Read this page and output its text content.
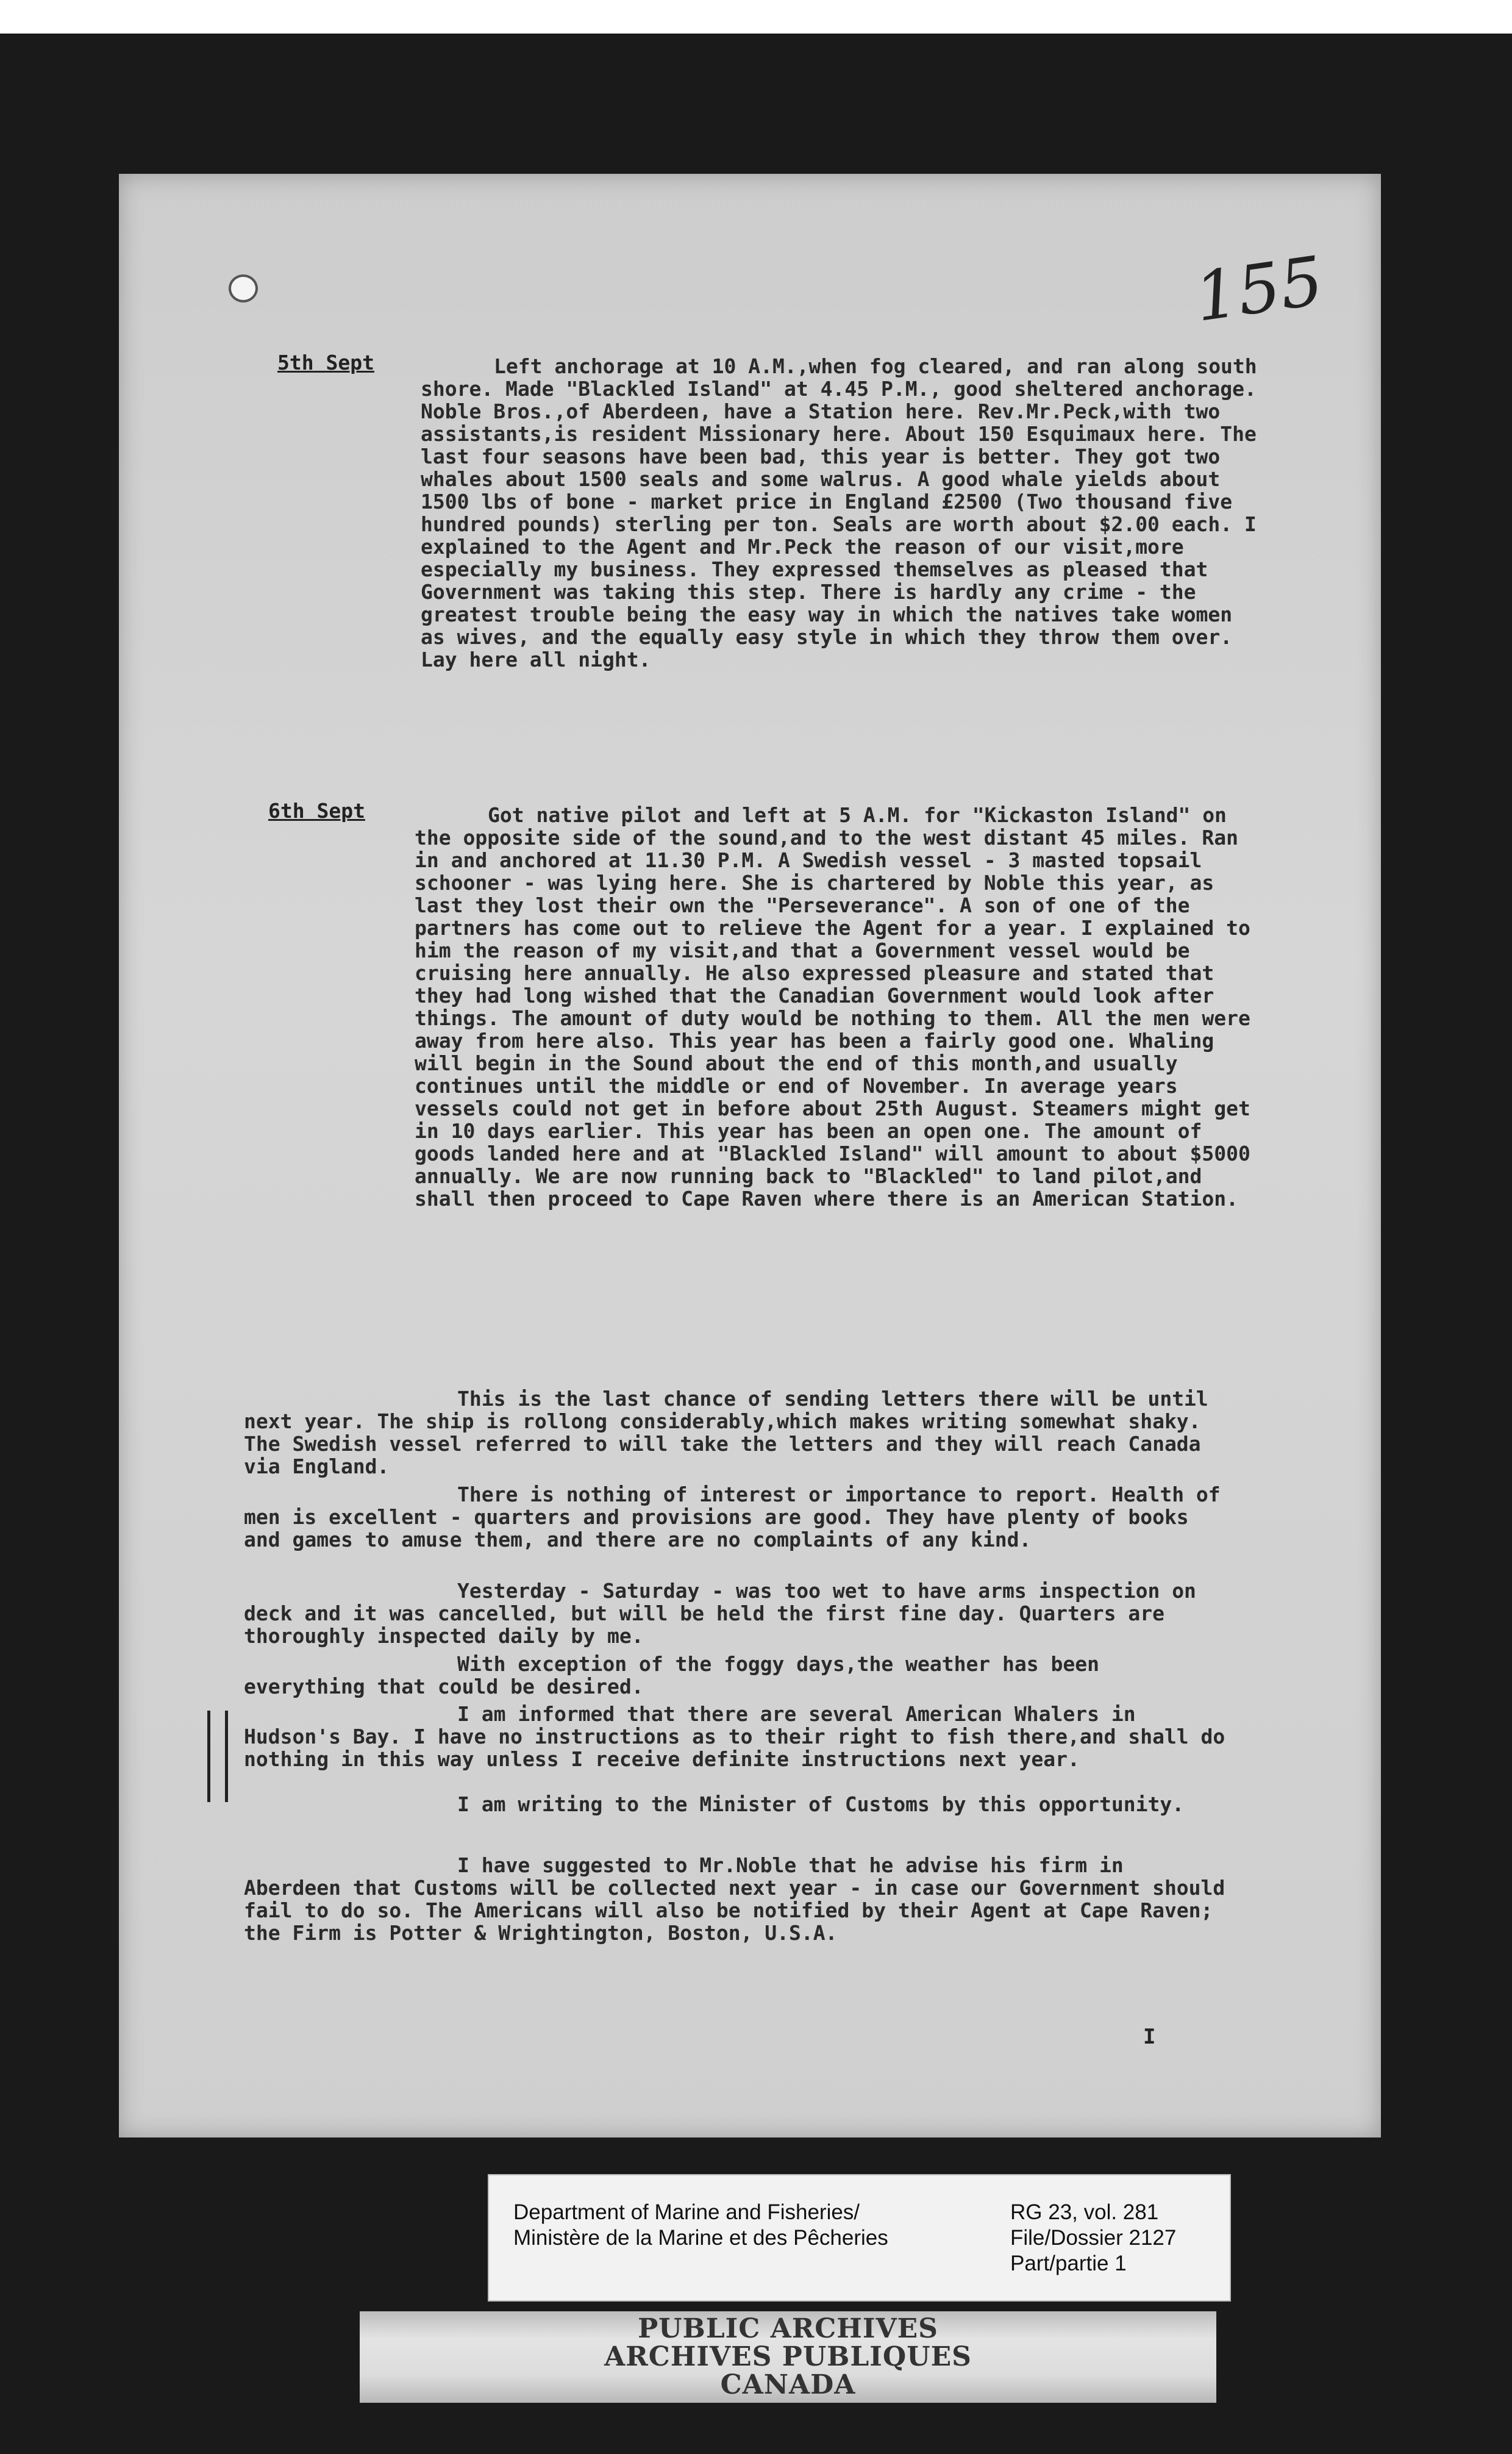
155
5th Sept	Left anchorage at 10 A.M.,when fog cleared, and ran along south shore. Made "Blackled Island" at 4.45 P.M., good sheltered anchorage. Noble Bros.,of Aberdeen, have a Station here. Rev.Mr.Peck,with two assistants,is resident Missionary here. About 150 Esquimaux here. The last four seasons have been bad, this year is better. They got two whales about 1500 seals and some walrus. A good whale yields about 1500 lbs of bone - market price in England £2500 (Two thousand five hundred pounds) sterling per ton. Seals are worth about $2.00 each. I explained to the Agent and Mr.Peck the reason of our visit,more especially my business. They expressed themselves as pleased that Government was taking this step. There is hardly any crime - the greatest trouble being the easy way in which the natives take women as wives, and the equally easy style in which they throw them over. Lay here all night.
6th Sept	Got native pilot and left at 5 A.M. for "Kickaston Island" on the opposite side of the sound,and to the west distant 45 miles. Ran in and anchored at 11.30 P.M. A Swedish vessel - 3 masted topsail schooner - was lying here. She is chartered by Noble this year, as last they lost their own the "Perseverance". A son of one of the partners has come out to relieve the Agent for a year. I explained to him the reason of my visit,and that a Government vessel would be cruising here annually. He also expressed pleasure and stated that they had long wished that the Canadian Government would look after things. The amount of duty would be nothing to them. All the men were away from here also. This year has been a fairly good one. Whaling will begin in the Sound about the end of this month,and usually continues until the middle or end of November. In average years vessels could not get in before about 25th August. Steamers might get in 10 days earlier. This year has been an open one. The amount of goods landed here and at "Blackled Island" will amount to about $5000 annually. We are now running back to "Blackled" to land pilot,and shall then proceed to Cape Raven where there is an American Station.
This is the last chance of sending letters there will be until next year. The ship is rollong considerably,which makes writing somewhat shaky. The Swedish vessel referred to will take the letters and they will reach Canada via England.
There is nothing of interest or importance to report. Health of men is excellent - quarters and provisions are good. They have plenty of books and games to amuse them, and there are no complaints of any kind.
Yesterday - Saturday - was too wet to have arms inspection on deck and it was cancelled, but will be held the first fine day. Quarters are thoroughly inspected daily by me.
With exception of the foggy days,the weather has been everything that could be desired.
I am informed that there are several American Whalers in Hudson's Bay. I have no instructions as to their right to fish there,and shall do nothing in this way unless I receive definite instructions next year.
I am writing to the Minister of Customs by this opportunity.
I have suggested to Mr.Noble that he advise his firm in Aberdeen that Customs will be collected next year - in case our Government should fail to do so. The Americans will also be notified by their Agent at Cape Raven; the Firm is Potter & Wrightington, Boston, U.S.A.
I
Department of Marine and Fisheries/
Ministère de la Marine et des Pêcheries
RG 23, vol. 281
File/Dossier 2127
Part/partie 1
PUBLIC ARCHIVES
ARCHIVES PUBLIQUES
CANADA
